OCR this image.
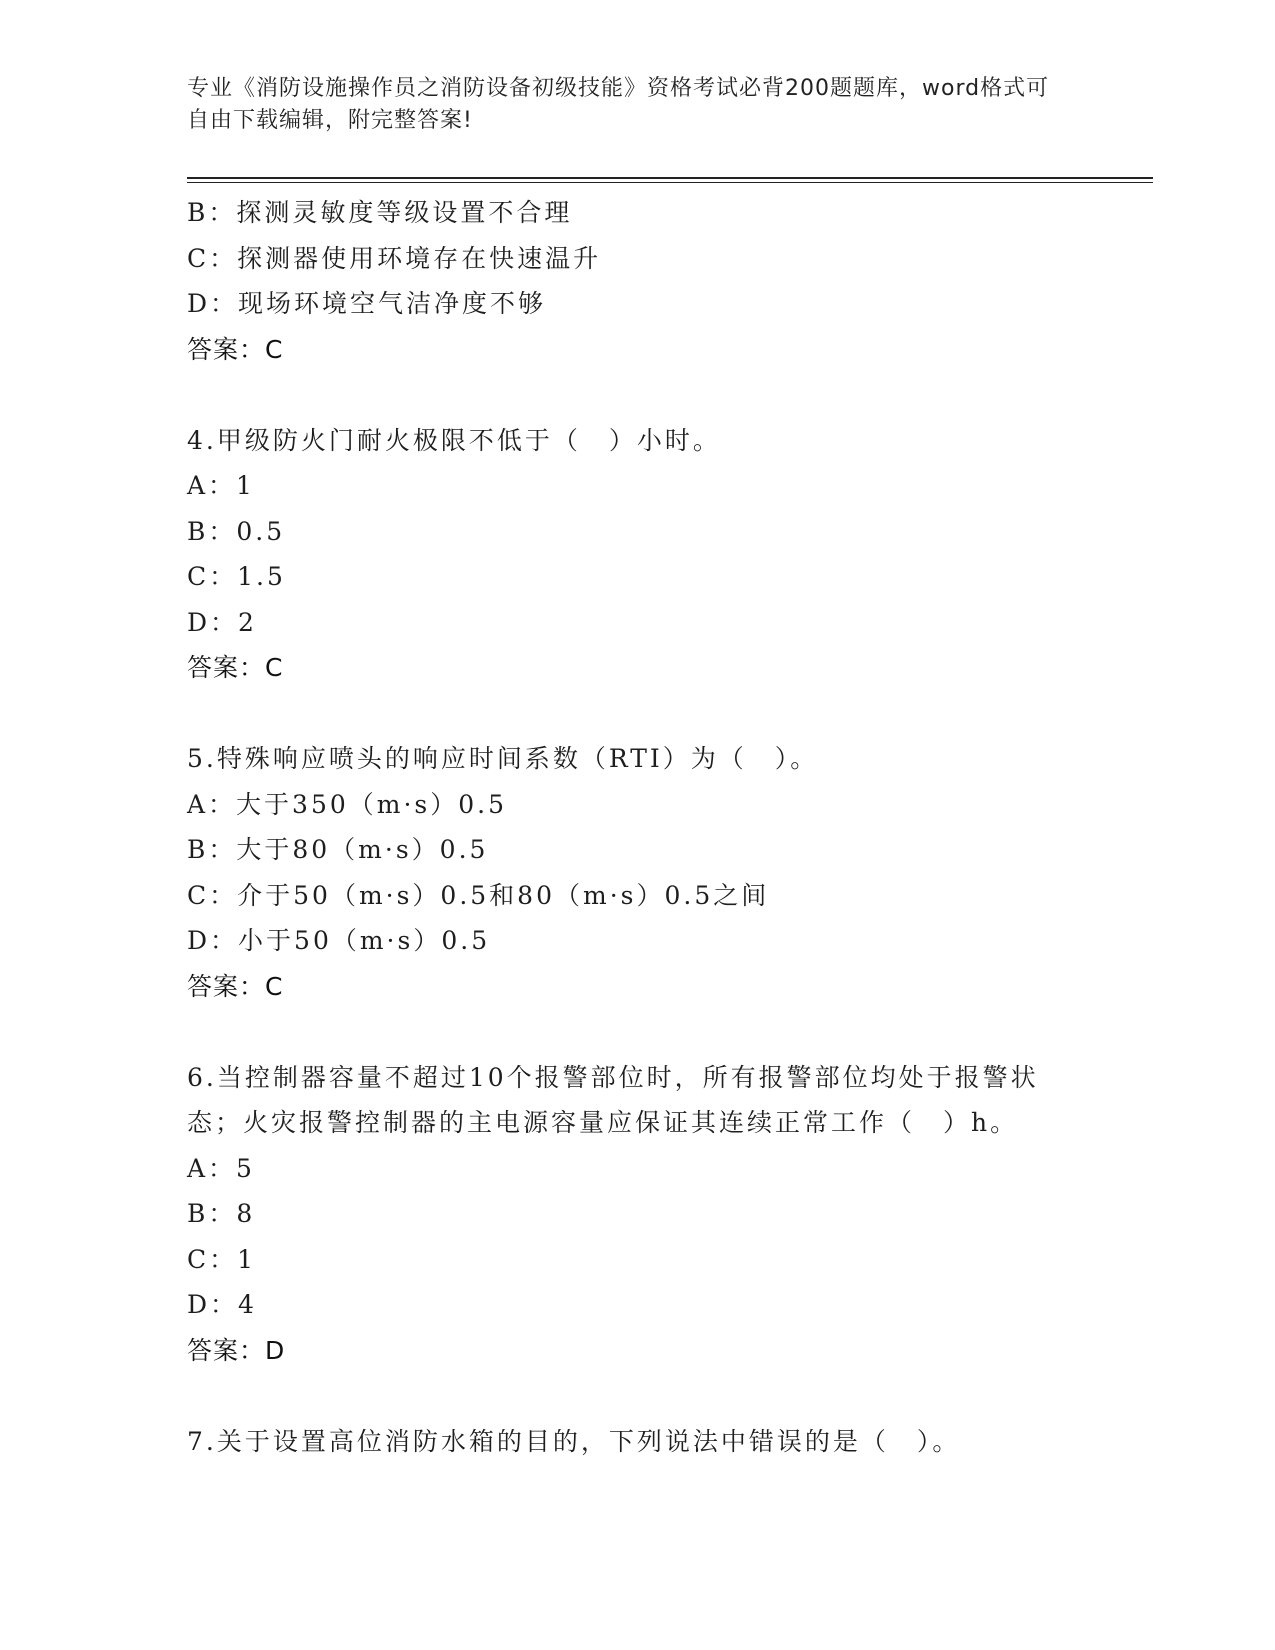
专业《消防设施操作员之消防设备初级技能》资格考试必背200题题库，word格式可自由下载编辑，附完整答案!
B：探测灵敏度等级设置不合理
C：探测器使用环境存在快速温升
D：现场环境空气洁净度不够
答案：C
4.甲级防火门耐火极限不低于（　）小时。
A：1
B：0.5
C：1.5
D：2
答案：C
5.特殊响应喷头的响应时间系数（RTI）为（　）。
A：大于350（m·s）0.5
B：大于80（m·s）0.5
C：介于50（m·s）0.5和80（m·s）0.5之间
D：小于50（m·s）0.5
答案：C
6.当控制器容量不超过10个报警部位时，所有报警部位均处于报警状
态；火灾报警控制器的主电源容量应保证其连续正常工作（　）h。
A：5
B：8
C：1
D：4
答案：D
7.关于设置高位消防水箱的目的，下列说法中错误的是（　）。
